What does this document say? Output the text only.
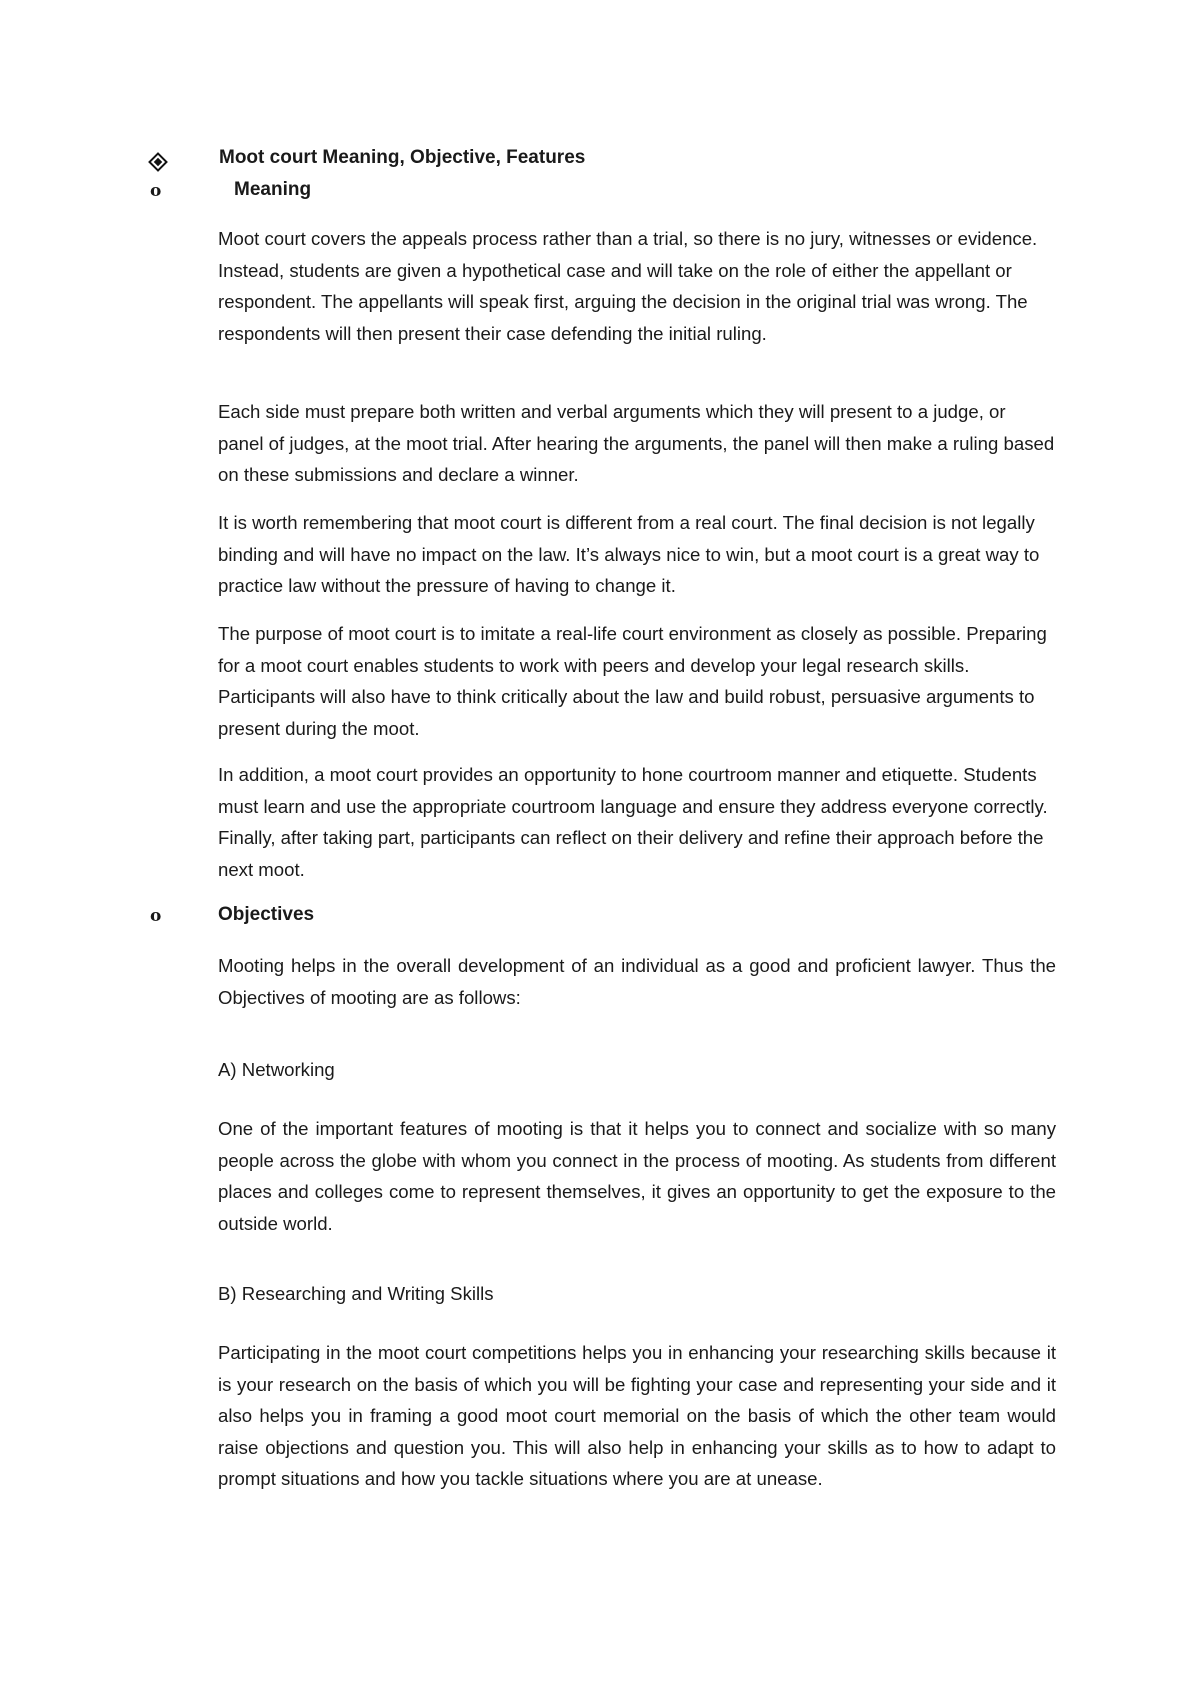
Moot court Meaning, Objective, Features
o	Meaning

Moot court covers the appeals process rather than a trial, so there is no jury, witnesses or evidence. Instead, students are given a hypothetical case and will take on the role of either the appellant or respondent. The appellants will speak first, arguing the decision in the original trial was wrong. The respondents will then present their case defending the initial ruling.

Each side must prepare both written and verbal arguments which they will present to a judge, or panel of judges, at the moot trial. After hearing the arguments, the panel will then make a ruling based on these submissions and declare a winner.

It is worth remembering that moot court is different from a real court. The final decision is not legally binding and will have no impact on the law. It’s always nice to win, but a moot court is a great way to practice law without the pressure of having to change it.

The purpose of moot court is to imitate a real-life court environment as closely as possible. Preparing for a moot court enables students to work with peers and develop your legal research skills. Participants will also have to think critically about the law and build robust, persuasive arguments to present during the moot.

In addition, a moot court provides an opportunity to hone courtroom manner and etiquette. Students must learn and use the appropriate courtroom language and ensure they address everyone correctly. Finally, after taking part, participants can reflect on their delivery and refine their approach before the next moot.

o	Objectives

Mooting helps in the overall development of an individual as a good and proficient lawyer. Thus the Objectives of mooting are as follows:

A) Networking

One of the important features of mooting is that it helps you to connect and socialize with so many people across the globe with whom you connect in the process of mooting. As students from different places and colleges come to represent themselves, it gives an opportunity to get the exposure to the outside world.

B) Researching and Writing Skills

Participating in the moot court competitions helps you in enhancing your researching skills because it is your research on the basis of which you will be fighting your case and representing your side and it also helps you in framing a good moot court memorial on the basis of which the other team would raise objections and question you. This will also help in enhancing your skills as to how to adapt to prompt situations and how you tackle situations where you are at unease.
